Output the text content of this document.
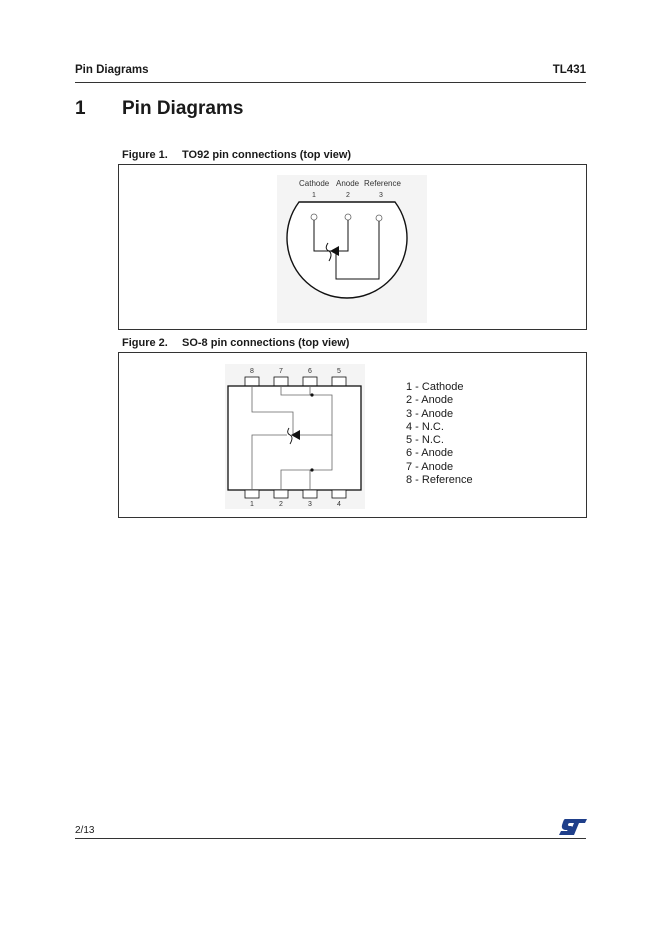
Pin Diagrams	TL431
1 Pin Diagrams
Figure 1. TO92 pin connections (top view)
Cathode Anode Reference
1	2	3
Figure 2. SO-8 pin connections (top view)
8	7	6	5
1	2	3	4
1 - Cathode
2 - Anode
3 - Anode
4 - N.C.
5 - N.C.
6 - Anode
7 - Anode
8 - Reference
2/13
